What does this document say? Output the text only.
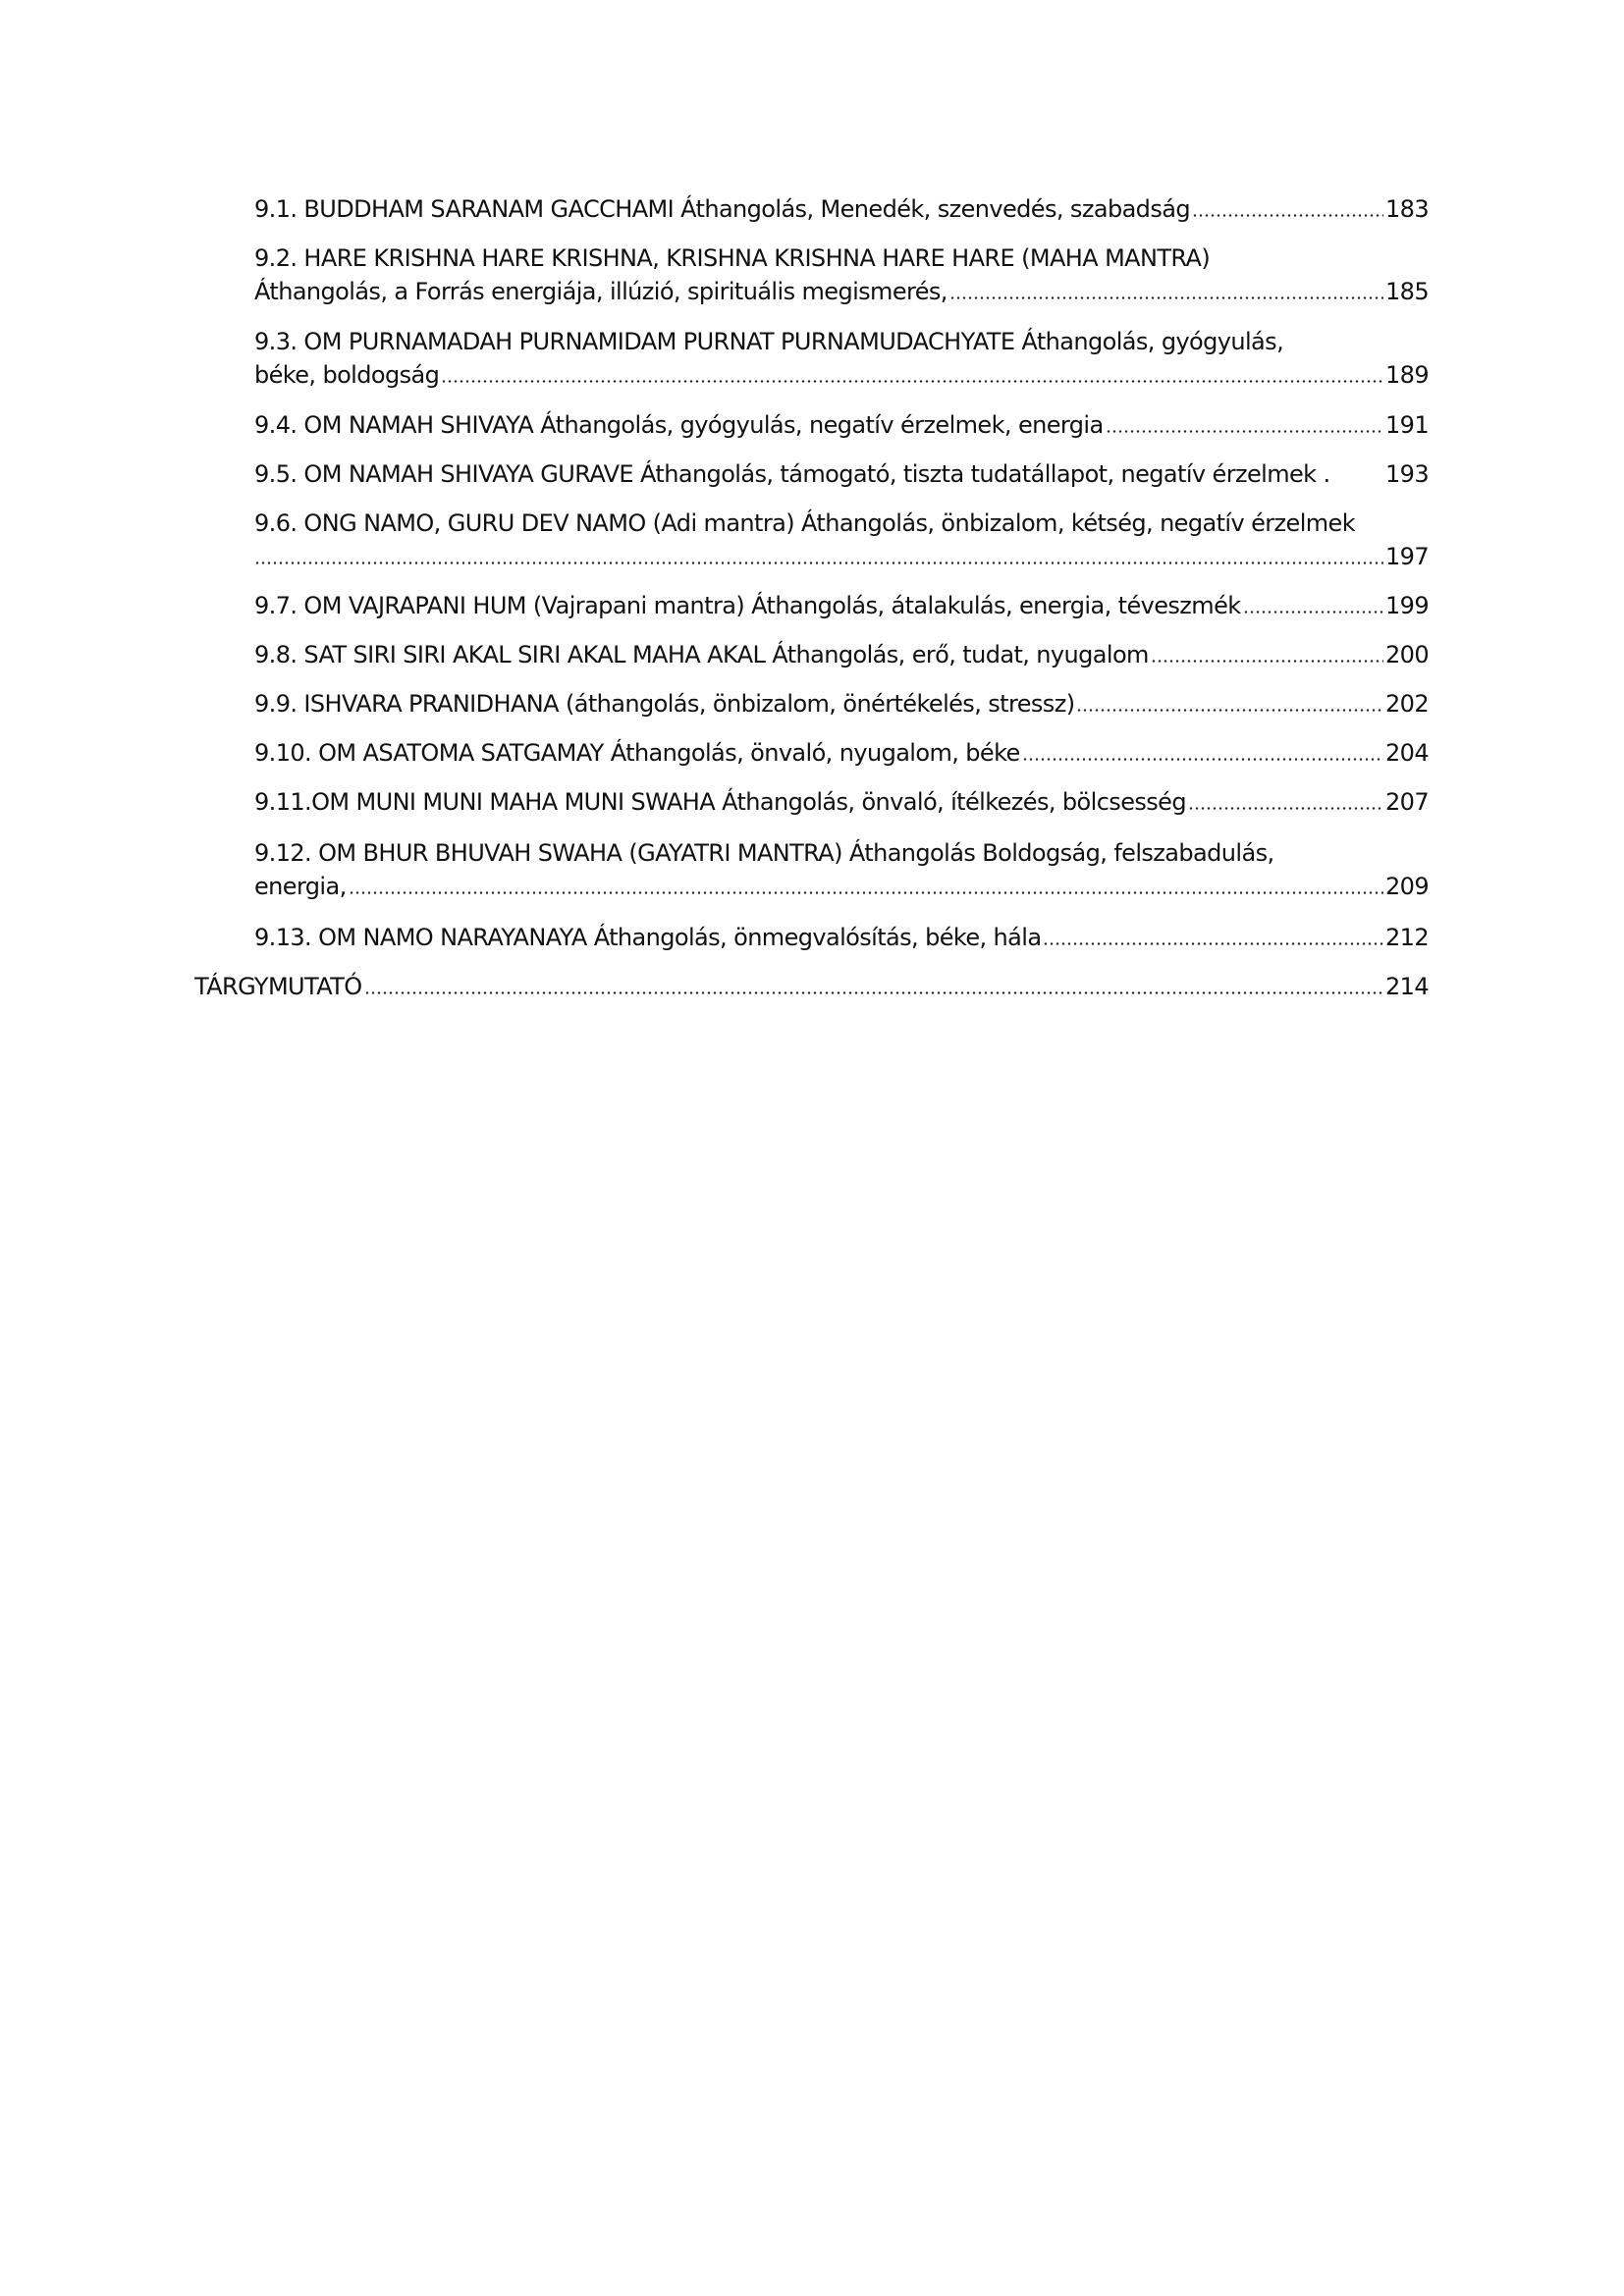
9.1. BUDDHAM SARANAM GACCHAMI Áthangolás, Menedék, szenvedés, szabadság	183
9.2. HARE KRISHNA HARE KRISHNA, KRISHNA KRISHNA HARE HARE (MAHA MANTRA)
Áthangolás, a Forrás energiája, illúzió, spirituális megismerés,	185
9.3. OM PURNAMADAH PURNAMIDAM PURNAT PURNAMUDACHYATE Áthangolás, gyógyulás,
béke, boldogság	189
9.4. OM NAMAH SHIVAYA Áthangolás, gyógyulás, negatív érzelmek, energia	191
9.5. OM NAMAH SHIVAYA GURAVE Áthangolás, támogató, tiszta tudatállapot, negatív érzelmek . 193
9.6. ONG NAMO, GURU DEV NAMO (Adi mantra) Áthangolás, önbizalom, kétség, negatív érzelmek
197
9.7. OM VAJRAPANI HUM (Vajrapani mantra) Áthangolás, átalakulás, energia, téveszmék	199
9.8. SAT SIRI SIRI AKAL SIRI AKAL MAHA AKAL Áthangolás, erő, tudat, nyugalom	200
9.9. ISHVARA PRANIDHANA (áthangolás, önbizalom, önértékelés, stressz)	202
9.10. OM ASATOMA SATGAMAY Áthangolás, önvaló, nyugalom, béke	204
9.11.OM MUNI MUNI MAHA MUNI SWAHA Áthangolás, önvaló, ítélkezés, bölcsesség	207
9.12. OM BHUR BHUVAH SWAHA (GAYATRI MANTRA) Áthangolás Boldogság, felszabadulás,
energia,	209
9.13. OM NAMO NARAYANAYA Áthangolás, önmegvalósítás, béke, hála	212
TÁRGYMUTATÓ	214
